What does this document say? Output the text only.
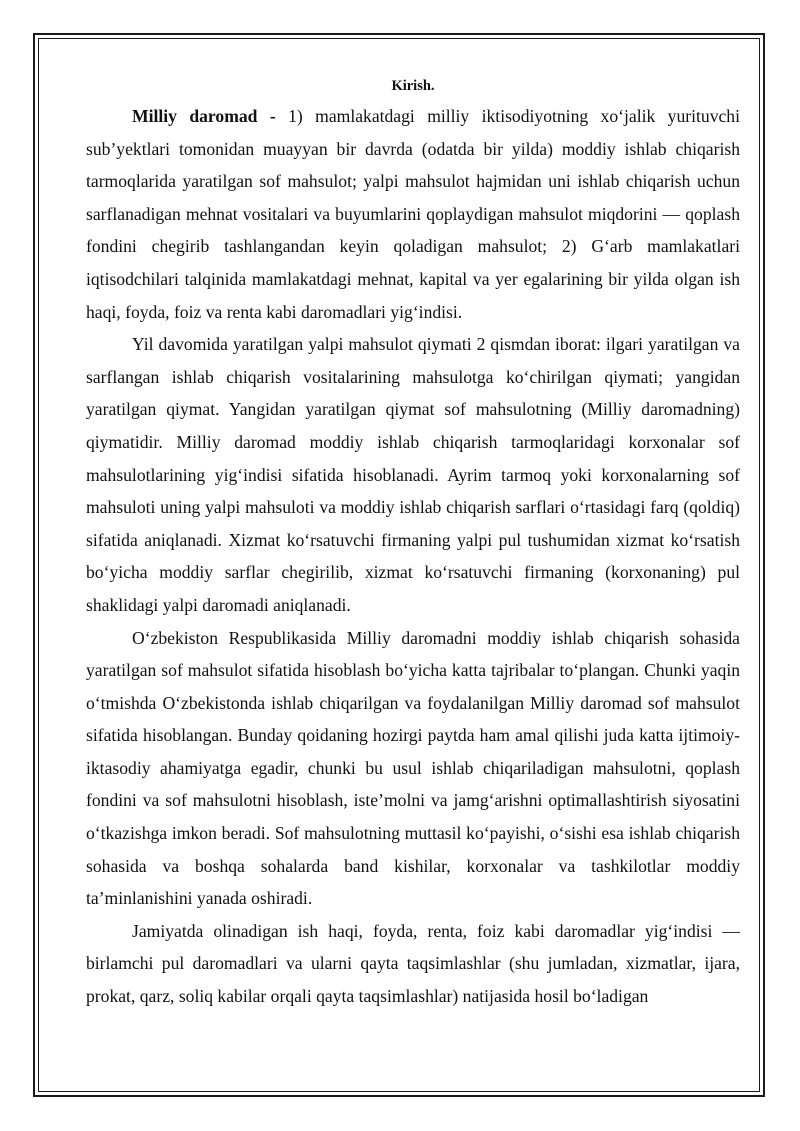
Kirish.

Milliy daromad - 1) mamlakatdagi milliy iktisodiyotning xo‘jalik yurituvchi sub’yektlari tomonidan muayyan bir davrda (odatda bir yilda) moddiy ishlab chiqarish tarmoqlarida yaratilgan sof mahsulot; yalpi mahsulot hajmidan uni ishlab chiqarish uchun sarflanadigan mehnat vositalari va buyumlarini qoplaydigan mahsulot miqdorini — qoplash fondini chegirib tashlangandan keyin qoladigan mahsulot; 2) G‘arb mamlakatlari iqtisodchilari talqinida mamlakatdagi mehnat, kapital va yer egalarining bir yilda olgan ish haqi, foyda, foiz va renta kabi daromadlari yig‘indisi.

Yil davomida yaratilgan yalpi mahsulot qiymati 2 qismdan iborat: ilgari yaratilgan va sarflangan ishlab chiqarish vositalarining mahsulotga ko‘chirilgan qiymati; yangidan yaratilgan qiymat. Yangidan yaratilgan qiymat sof mahsulotning (Milliy daromadning) qiymatidir. Milliy daromad moddiy ishlab chiqarish tarmoqlaridagi korxonalar sof mahsulotlarining yig‘indisi sifatida hisoblanadi. Ayrim tarmoq yoki korxonalarning sof mahsuloti uning yalpi mahsuloti va moddiy ishlab chiqarish sarflari o‘rtasidagi farq (qoldiq) sifatida aniqlanadi. Xizmat ko‘rsatuvchi firmaning yalpi pul tushumidan xizmat ko‘rsatish bo‘yicha moddiy sarflar chegirilib, xizmat ko‘rsatuvchi firmaning (korxonaning) pul shaklidagi yalpi daromadi aniqlanadi.

O‘zbekiston Respublikasida Milliy daromadni moddiy ishlab chiqarish sohasida yaratilgan sof mahsulot sifatida hisoblash bo‘yicha katta tajribalar to‘plangan. Chunki yaqin o‘tmishda O‘zbekistonda ishlab chiqarilgan va foydalanilgan Milliy daromad sof mahsulot sifatida hisoblangan. Bunday qoidaning hozirgi paytda ham amal qilishi juda katta ijtimoiy-iktasodiy ahamiyatga egadir, chunki bu usul ishlab chiqariladigan mahsulotni, qoplash fondini va sof mahsulotni hisoblash, iste’molni va jamg‘arishni optimallashtirish siyosatini o‘tkazishga imkon beradi. Sof mahsulotning muttasil ko‘payishi, o‘sishi esa ishlab chiqarish sohasida va boshqa sohalarda band kishilar, korxonalar va tashkilotlar moddiy ta’minlanishini yanada oshiradi.

Jamiyatda olinadigan ish haqi, foyda, renta, foiz kabi daromadlar yig‘indisi — birlamchi pul daromadlari va ularni qayta taqsimlashlar (shu jumladan, xizmatlar, ijara, prokat, qarz, soliq kabilar orqali qayta taqsimlashlar) natijasida hosil bo‘ladigan
